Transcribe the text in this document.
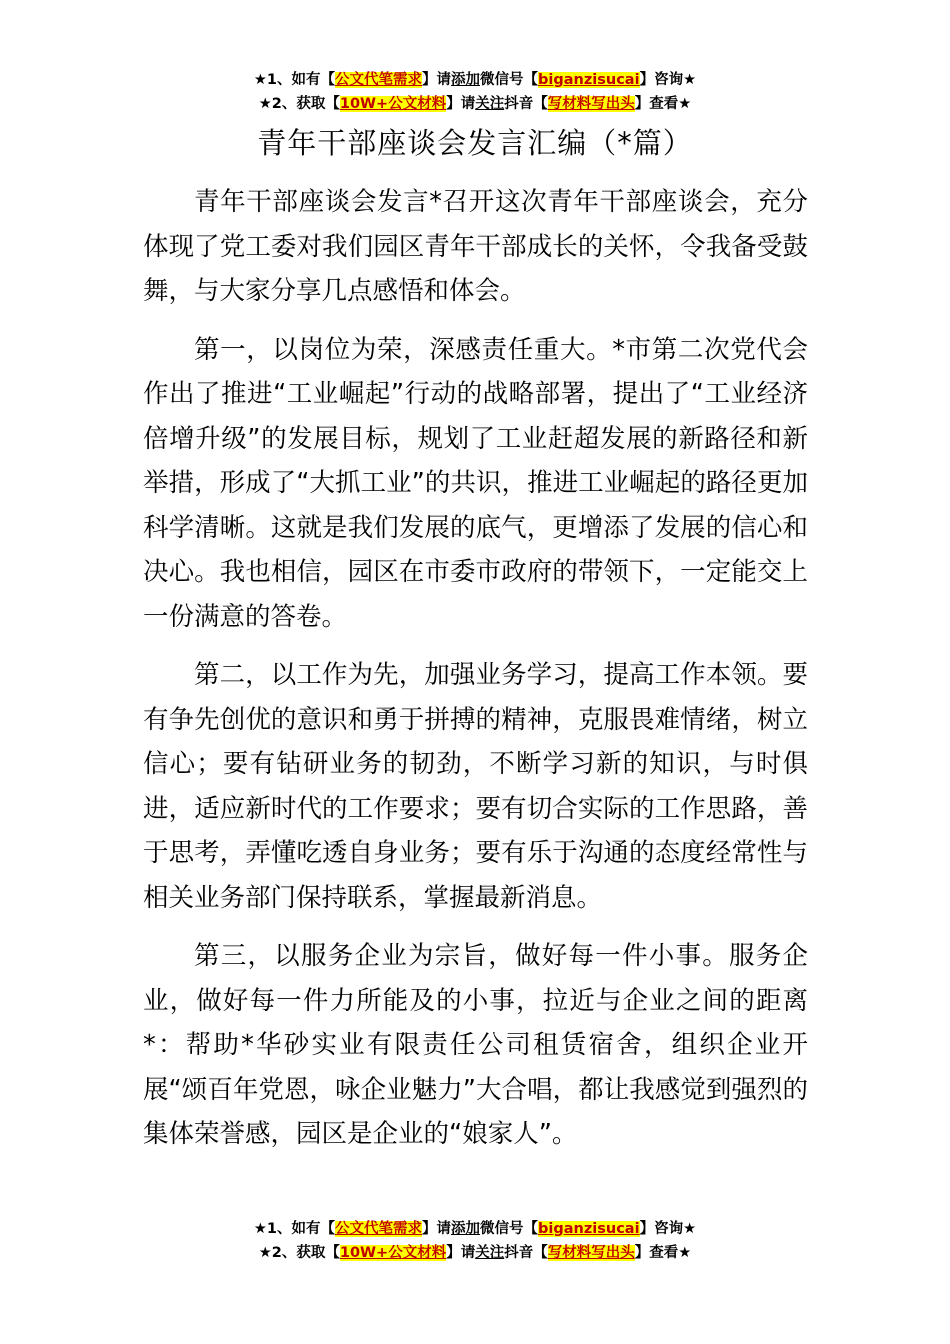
★1、如有【公文代笔需求】请添加微信号【biganzisucai】咨询★
★2、获取【10W+公文材料】请关注抖音【写材料写出头】查看★
青年干部座谈会发言汇编（*篇）

青年干部座谈会发言*召开这次青年干部座谈会，充分体现了党工委对我们园区青年干部成长的关怀，令我备受鼓舞，与大家分享几点感悟和体会。

第一，以岗位为荣，深感责任重大。*市第二次党代会作出了推进“工业崛起”行动的战略部署，提出了“工业经济倍增升级”的发展目标，规划了工业赶超发展的新路径和新举措，形成了“大抓工业”的共识，推进工业崛起的路径更加科学清晰。这就是我们发展的底气，更增添了发展的信心和决心。我也相信，园区在市委市政府的带领下，一定能交上一份满意的答卷。

第二，以工作为先，加强业务学习，提高工作本领。要有争先创优的意识和勇于拼搏的精神，克服畏难情绪，树立信心；要有钻研业务的韧劲，不断学习新的知识，与时俱进，适应新时代的工作要求；要有切合实际的工作思路，善于思考，弄懂吃透自身业务；要有乐于沟通的态度经常性与相关业务部门保持联系，掌握最新消息。

第三，以服务企业为宗旨，做好每一件小事。服务企业，做好每一件力所能及的小事，拉近与企业之间的距离*：帮助*华砂实业有限责任公司租赁宿舍，组织企业开展“颂百年党恩，咏企业魅力”大合唱，都让我感觉到强烈的集体荣誉感，园区是企业的“娘家人”。

★1、如有【公文代笔需求】请添加微信号【biganzisucai】咨询★
★2、获取【10W+公文材料】请关注抖音【写材料写出头】查看★
